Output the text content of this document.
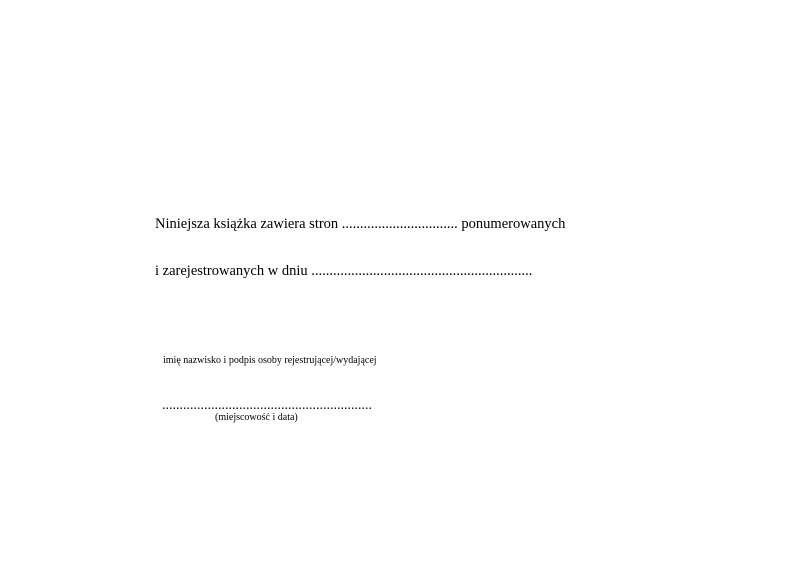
Niniejsza książka zawiera stron ................................ ponumerowanych

i zarejestrowanych w dniu .............................................................

imię nazwisko i podpis osoby rejestrującej/wydającej

............................................................

(miejscowość i data)
